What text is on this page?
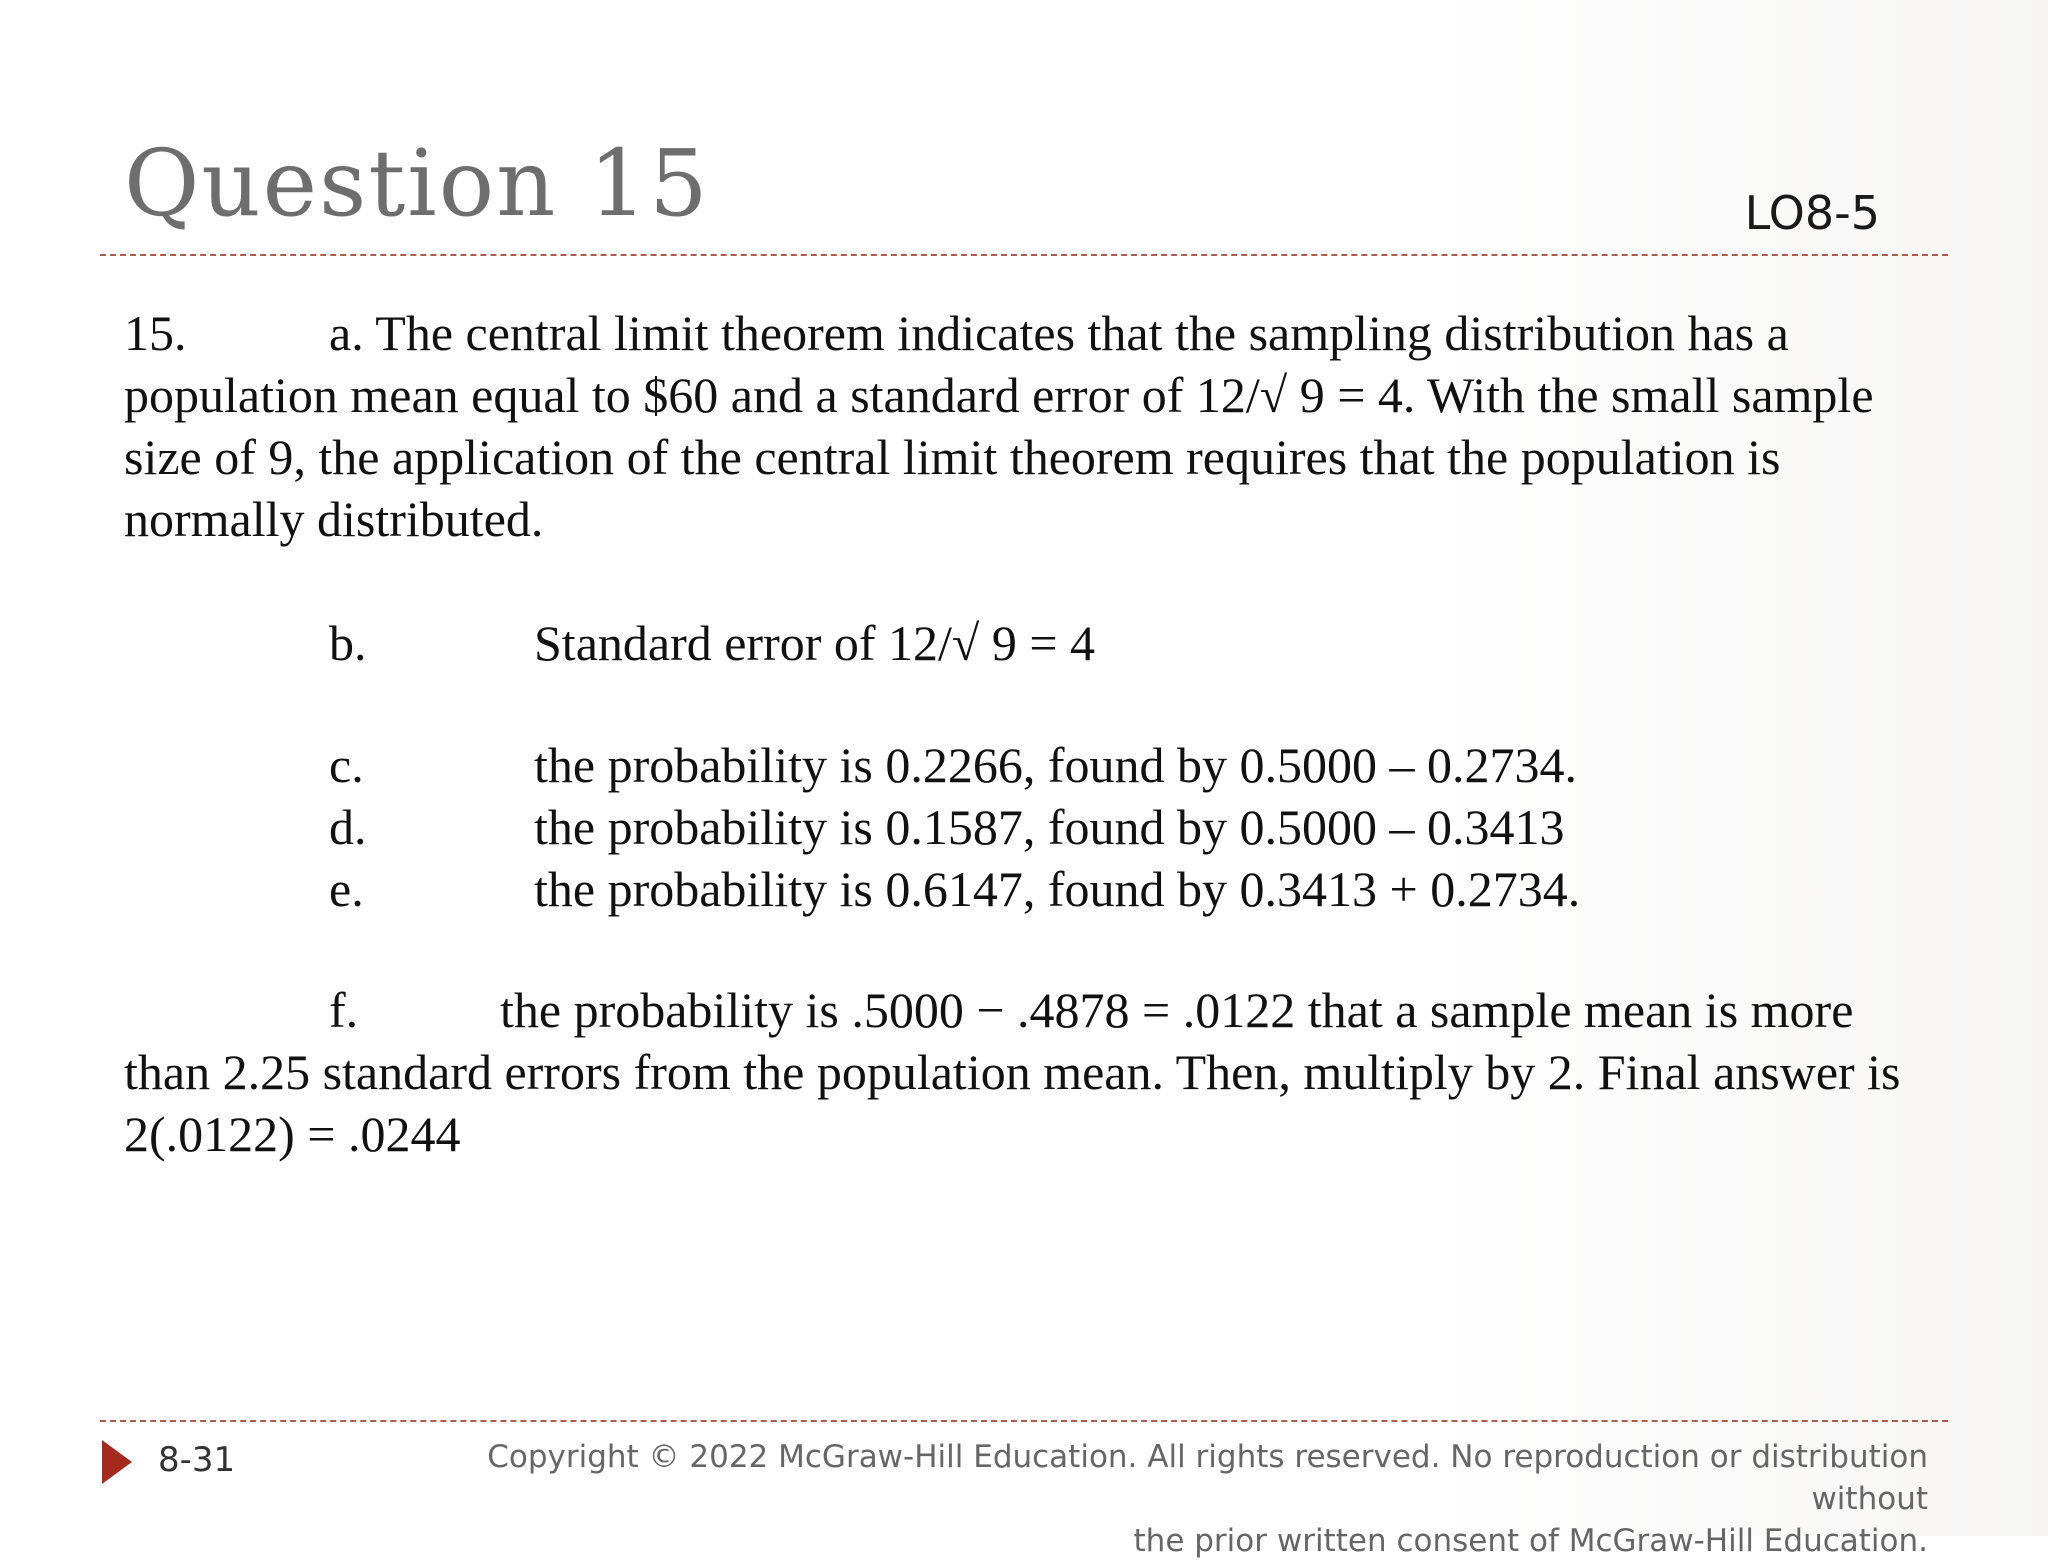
Question 15	LO8-5

15.	a. The central limit theorem indicates that the sampling distribution has a population mean equal to $60 and a standard error of 12/√ 9 = 4. With the small sample size of 9, the application of the central limit theorem requires that the population is normally distributed.

b.	Standard error of 12/√ 9 = 4
c.	the probability is 0.2266, found by 0.5000 – 0.2734.
d.	the probability is 0.1587, found by 0.5000 – 0.3413
e.	the probability is 0.6147, found by 0.3413 + 0.2734.

f.	the probability is .5000 − .4878 = .0122 that a sample mean is more than 2.25 standard errors from the population mean. Then, multiply by 2. Final answer is 2(.0122) = .0244

8-31	Copyright © 2022 McGraw-Hill Education. All rights reserved. No reproduction or distribution without
the prior written consent of McGraw-Hill Education.
